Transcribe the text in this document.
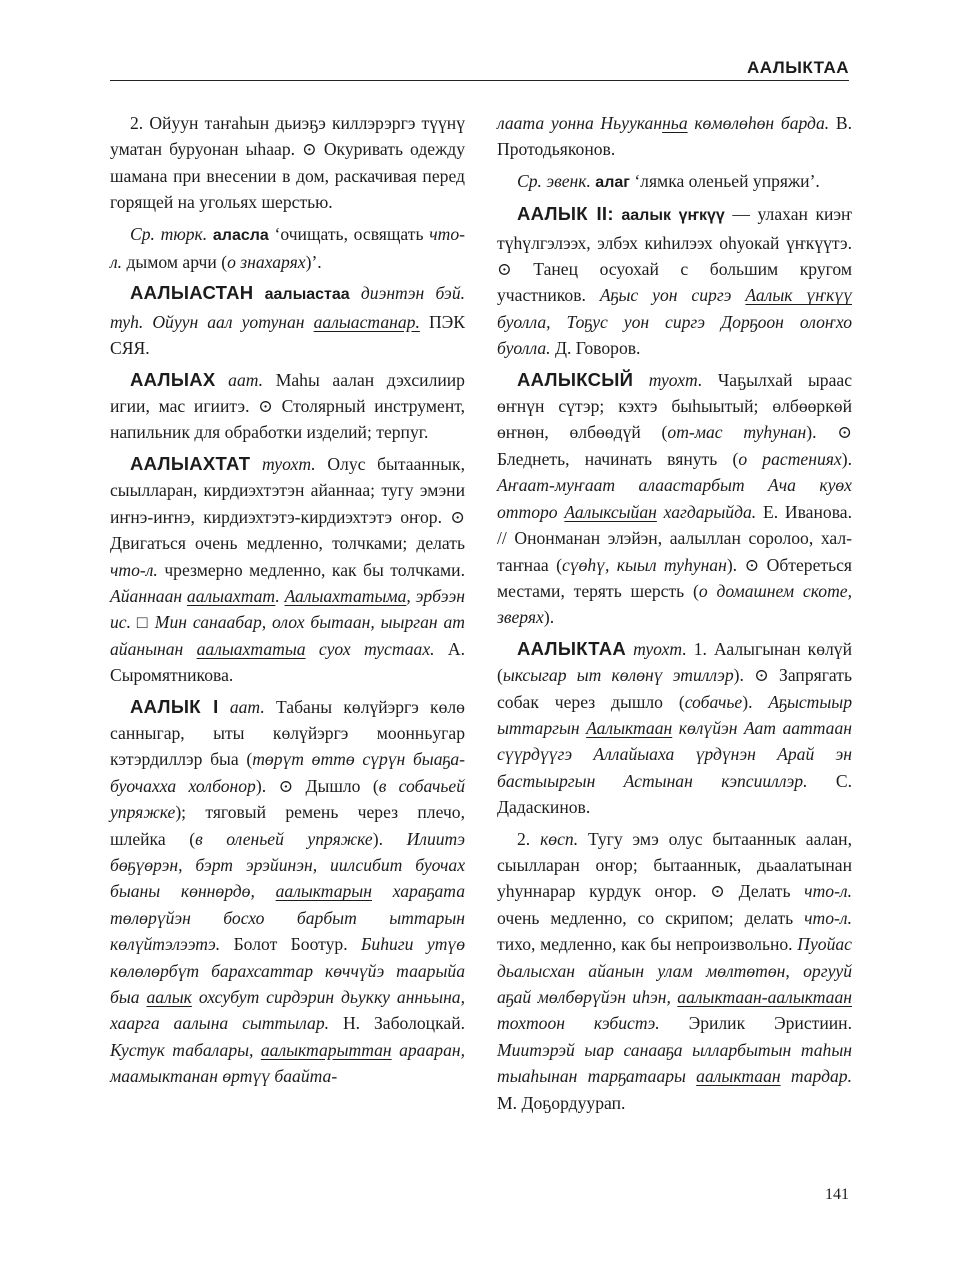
ААЛЫКТАА

2. Ойуун таҥаһын дьиэҕэ киллэрэргэ түүнү уматан буруонан ыһаар. ⊙ Окуривать одежду шамана при внесении в дом, раскачивая перед горящей на угольях шерстью.

Ср. тюрк. аласла ‘очищать, освящать что-л. дымом арчи (о знахарях)’.

ААЛЫАСТАН аалыастаа диэнтэн бэй. туһ. Ойуун аал уотунан аалыастанар. ПЭК СЯЯ.

ААЛЫАХ аат. Маһы аалан дэхсилиир игии, мас игиитэ. ⊙ Столярный инструмент, напильник для обработки изделий; терпуг.

ААЛЫАХТАТ туохт. Олус бытааннык, сыылларан, кирдиэхтэтэн айаннаа; тугу эмэни иҥнэ-иҥнэ, кирдиэхтэтэ-кирдиэхтэтэ оҥор. ⊙ Двигаться очень медленно, толчками; делать что-л. чрезмерно медленно, как бы толчками. Айаннаан аалыахтат. Аалыахтатыма, эрбээн ис. □ Мин санаабар, олох бытаан, ыырган ат айанынан аалыахтатыа суох тустаах. А. Сыромятникова.

ААЛЫК I аат. Табаны көлүйэргэ көлө санныгар, ыты көлүйэргэ моонньугар кэтэрдиллэр быа (төрүт өттө сүрүн быаҕа-буочахха холбонор). ⊙ Дышло (в собачьей упряжке); тяговый ремень через плечо, шлейка (в оленьей упряжке). Илиитэ бөҕүөрэн, бэрт эрэйинэн, иилсибит буочах быаны көннөрдө, аалыктарын хараҕата төлөрүйэн босхо барбыт ыттарын көлүйтэлээтэ. Болот Боотур. Биһиги утүө көлөлөрбүт барахсаттар көччүйэ таарыйа быа аалык охсубут сирдэрин дьукку анньына, хаарга аалына сыттылар. Н. Заболоцкай. Кустук табалары, аалыктарыттан арааран, маамыктанан өртүү баайта-

лаата уонна Ньууканньа көмөлөһөн барда. В. Протодьяконов.

Ср. эвенк. алаг ‘лямка оленьей упряжи’.

ААЛЫК II: аалык үҥкүү — улахан киэҥ түһүлгэлээх, элбэх киһилээх оһуокай үҥкүүтэ. ⊙ Танец осуохай с большим кругом участников. Аҕыс уон сиргэ Аалык үҥкүү буолла, Тоҕус уон сиргэ Дорҕоон олоҥхо буолла. Д. Говоров.

ААЛЫКСЫЙ туохт. Чаҕылхай ыраас өҥнүн сүтэр; кэхтэ быһыытый; өлбөөркөй өҥнөн, өлбөөдүй (от-мас туһунан). ⊙ Бледнеть, начинать вянуть (о растениях). Аҥаат-муҥаат алаастарбыт Ача куөх отторо Аалыксыйан хагдарыйда. Е. Иванова. // Ононманан элэйэн, аалыллан соролоо, халтаҥнаа (сүөһү, кыыл туһунан). ⊙ Обтереться местами, терять шерсть (о домашнем скоте, зверях).

ААЛЫКТАА туохт. 1. Аалыгынан көлүй (ыксыгар ыт көлөнү этиллэр). ⊙ Запрягать собак через дышло (собачье). Аҕыстыыр ыттаргын Аалыктаан көлүйэн Аат ааттаан сүүрдүүгэ Аллайыаха үрдүнэн Арай эн бастыыргын Астынан кэпсииллэр. С. Дадаскинов.

2. көсп. Тугу эмэ олус бытааннык аалан, сыылларан оҥор; бытааннык, дьаалатынан уһуннарар курдук оҥор. ⊙ Делать что-л. очень медленно, со скрипом; делать что-л. тихо, медленно, как бы непроизвольно. Пуойас дьалысхан айанын улам мөлтөтөн, оргууй аҕай мөлбөрүйэн иһэн, аалыктаан-аалыктаан тохтоон кэбистэ. Эрилик Эристиин. Миитэрэй ыар санааҕа ылларбытын таһын тыаһынан тарҕатаары аалыктаан тардар. М. Доҕордуурап.

141
